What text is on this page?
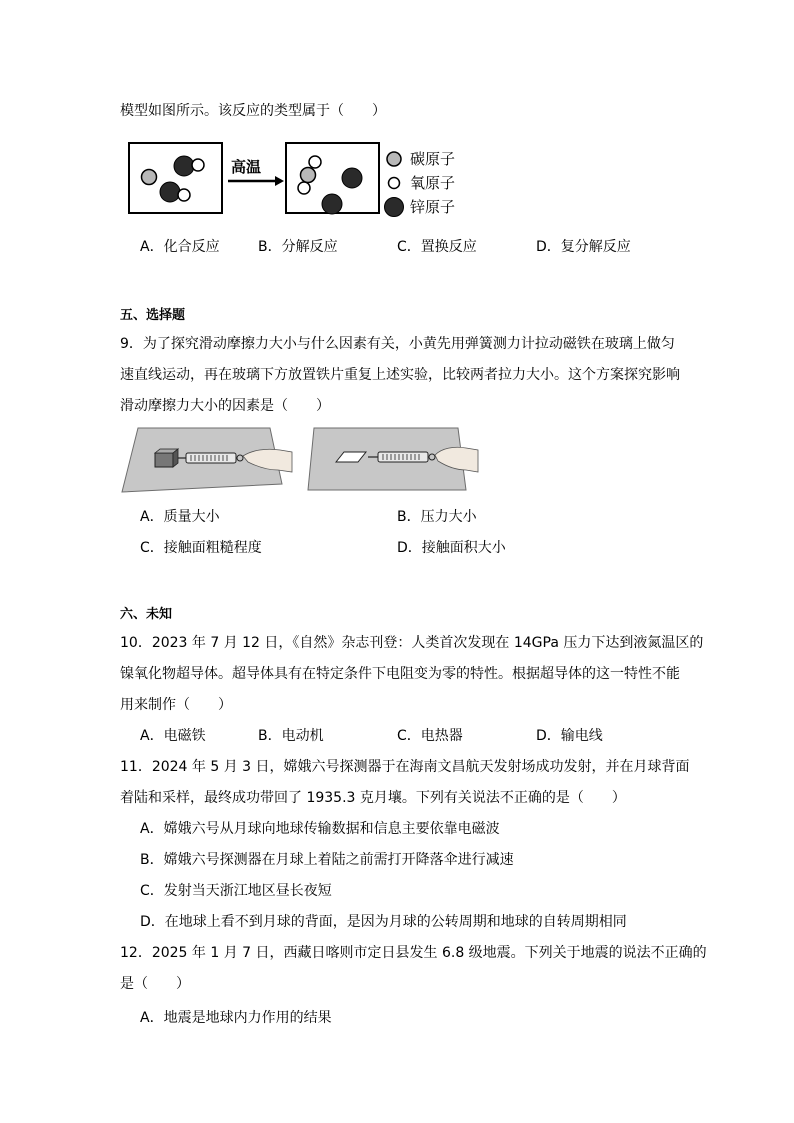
模型如图所示。该反应的类型属于（　　）
高温	碳原子
氧原子
锌原子
A．化合反应	B．分解反应	C．置换反应	D．复分解反应
五、选择题
9．为了探究滑动摩擦力大小与什么因素有关，小黄先用弹簧测力计拉动磁铁在玻璃上做匀
速直线运动，再在玻璃下方放置铁片重复上述实验，比较两者拉力大小。这个方案探究影响
滑动摩擦力大小的因素是（　　）
A．质量大小	B．压力大小
C．接触面粗糙程度	D．接触面积大小
六、未知
10．2023 年 7 月 12 日，《自然》杂志刊登：人类首次发现在 14GPa 压力下达到液氮温区的
镍氧化物超导体。超导体具有在特定条件下电阻变为零的特性。根据超导体的这一特性不能
用来制作（　　）
A．电磁铁	B．电动机	C．电热器	D．输电线
11．2024 年 5 月 3 日，嫦娥六号探测器于在海南文昌航天发射场成功发射，并在月球背面
着陆和采样，最终成功带回了 1935.3 克月壤。下列有关说法不正确的是（　　）
A．嫦娥六号从月球向地球传输数据和信息主要依靠电磁波
B．嫦娥六号探测器在月球上着陆之前需打开降落伞进行减速
C．发射当天浙江地区昼长夜短
D．在地球上看不到月球的背面，是因为月球的公转周期和地球的自转周期相同
12．2025 年 1 月 7 日，西藏日喀则市定日县发生 6.8 级地震。下列关于地震的说法不正确的
是（　　）
A．地震是地球内力作用的结果
